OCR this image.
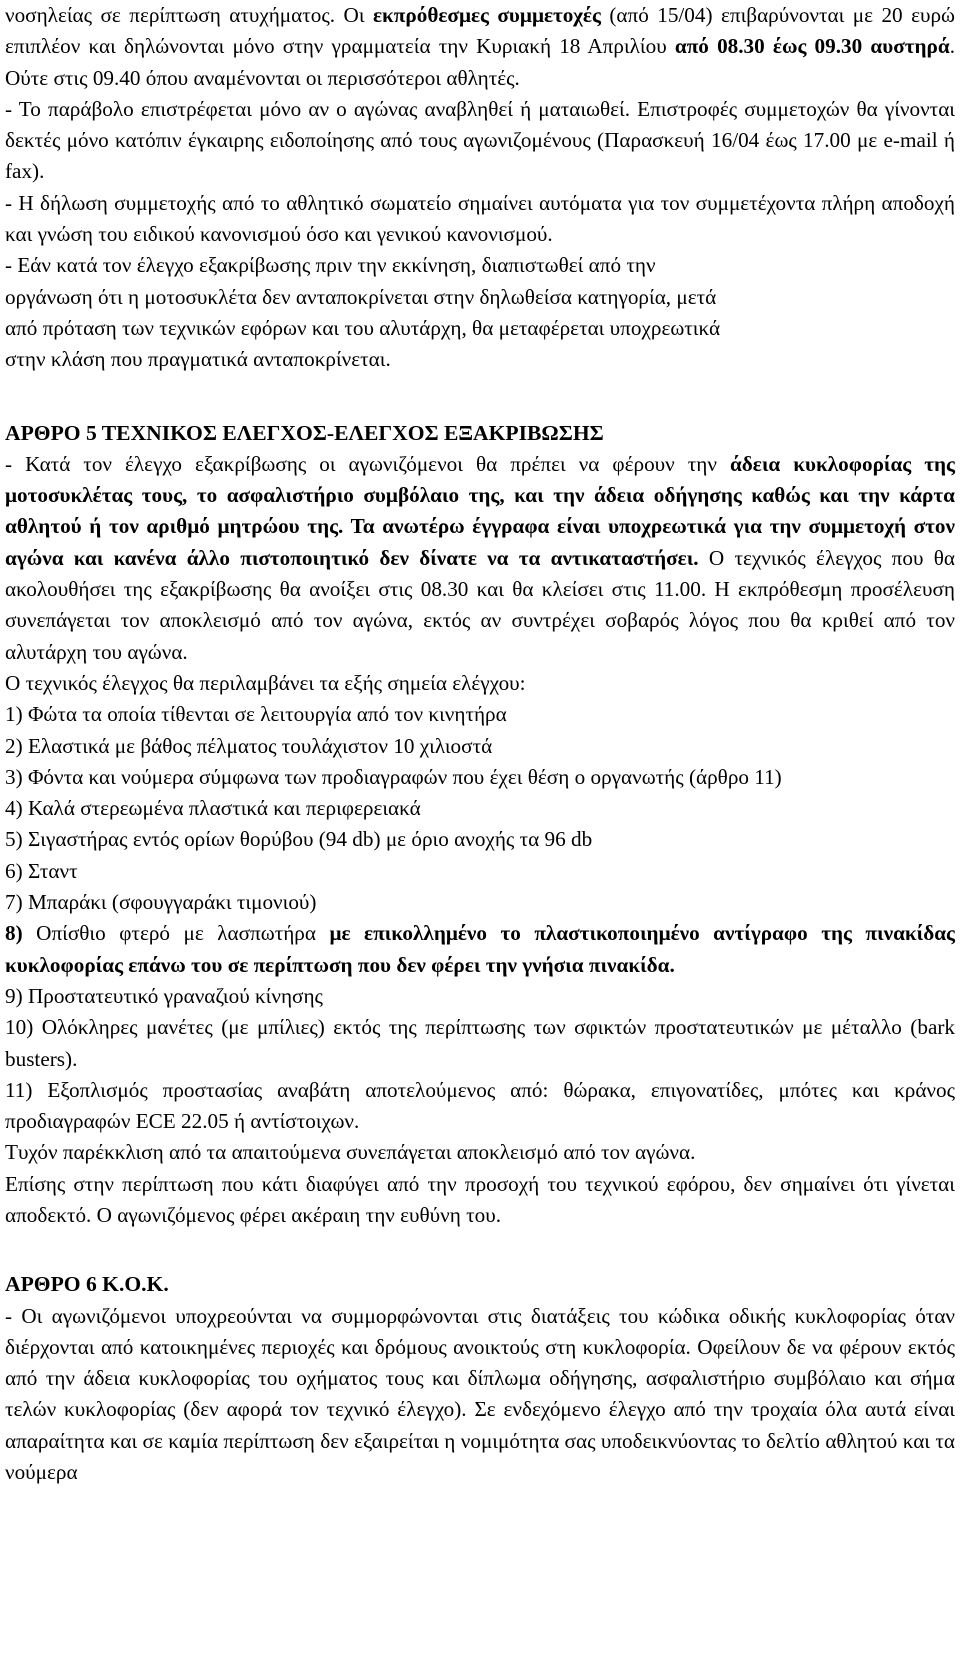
νοσηλείας σε περίπτωση ατυχήματος. Οι εκπρόθεσμες συμμετοχές (από 15/04) επιβαρύνονται με 20 ευρώ επιπλέον και δηλώνονται μόνο στην γραμματεία την Κυριακή 18 Απριλίου από 08.30 έως 09.30 αυστηρά. Ούτε στις 09.40 όπου αναμένονται οι περισσότεροι αθλητές.

- Το παράβολο επιστρέφεται μόνο αν ο αγώνας αναβληθεί ή ματαιωθεί. Επιστροφές συμμετοχών θα γίνονται δεκτές μόνο κατόπιν έγκαιρης ειδοποίησης από τους αγωνιζομένους (Παρασκευή 16/04 έως 17.00 με e-mail ή fax).

- Η δήλωση συμμετοχής από το αθλητικό σωματείο σημαίνει αυτόματα για τον συμμετέχοντα πλήρη αποδοχή και γνώση του ειδικού κανονισμού όσο και γενικού κανονισμού.

- Εάν κατά τον έλεγχο εξακρίβωσης πριν την εκκίνηση, διαπιστωθεί από την
οργάνωση ότι η μοτοσυκλέτα δεν ανταποκρίνεται στην δηλωθείσα κατηγορία, μετά
από πρόταση των τεχνικών εφόρων και του αλυτάρχη, θα μεταφέρεται υποχρεωτικά
στην κλάση που πραγματικά ανταποκρίνεται.

ΑΡΘΡΟ 5 ΤΕΧΝΙΚΟΣ ΕΛΕΓΧΟΣ-ΕΛΕΓΧΟΣ ΕΞΑΚΡΙΒΩΣΗΣ

- Κατά τον έλεγχο εξακρίβωσης οι αγωνιζόμενοι θα πρέπει να φέρουν την άδεια κυκλοφορίας της μοτοσυκλέτας τους, το ασφαλιστήριο συμβόλαιο της, και την άδεια οδήγησης καθώς και την κάρτα αθλητού ή τον αριθμό μητρώου της. Τα ανωτέρω έγγραφα είναι υποχρεωτικά για την συμμετοχή στον αγώνα και κανένα άλλο πιστοποιητικό δεν δίνατε να τα αντικαταστήσει. Ο τεχνικός έλεγχος που θα ακολουθήσει της εξακρίβωσης θα ανοίξει στις 08.30 και θα κλείσει στις 11.00. Η εκπρόθεσμη προσέλευση συνεπάγεται τον αποκλεισμό από τον αγώνα, εκτός αν συντρέχει σοβαρός λόγος που θα κριθεί από τον αλυτάρχη του αγώνα.

Ο τεχνικός έλεγχος θα περιλαμβάνει τα εξής σημεία ελέγχου:

1) Φώτα τα οποία τίθενται σε λειτουργία από τον κινητήρα

2) Ελαστικά με βάθος πέλματος τουλάχιστον 10 χιλιοστά

3) Φόντα και νούμερα σύμφωνα των προδιαγραφών που έχει θέση ο οργανωτής (άρθρο 11)

4) Καλά στερεωμένα πλαστικά και περιφερειακά

5) Σιγαστήρας εντός ορίων θορύβου (94 db) με όριο ανοχής τα 96 db

6) Σταντ

7) Μπαράκι (σφουγγαράκι τιμονιού)

8) Οπίσθιο φτερό με λασπωτήρα με επικολλημένο το πλαστικοποιημένο αντίγραφο της πινακίδας κυκλοφορίας επάνω του σε περίπτωση που δεν φέρει την γνήσια πινακίδα.

9) Προστατευτικό γραναζιού κίνησης

10) Ολόκληρες μανέτες (με μπίλιες) εκτός της περίπτωσης των σφικτών προστατευτικών με μέταλλο (bark busters).

11) Εξοπλισμός προστασίας αναβάτη αποτελούμενος από: θώρακα, επιγονατίδες, μπότες και κράνος προδιαγραφών ECE 22.05 ή αντίστοιχων.

Τυχόν παρέκκλιση από τα απαιτούμενα συνεπάγεται αποκλεισμό από τον αγώνα.

Επίσης στην περίπτωση που κάτι διαφύγει από την προσοχή του τεχνικού εφόρου, δεν σημαίνει ότι γίνεται αποδεκτό. Ο αγωνιζόμενος φέρει ακέραιη την ευθύνη του.

ΑΡΘΡΟ 6 Κ.Ο.Κ.

- Οι αγωνιζόμενοι υποχρεούνται να συμμορφώνονται στις διατάξεις του κώδικα οδικής κυκλοφορίας όταν διέρχονται από κατοικημένες περιοχές και δρόμους ανοικτούς στη κυκλοφορία. Οφείλουν δε να φέρουν εκτός από την άδεια κυκλοφορίας του οχήματος τους και δίπλωμα οδήγησης, ασφαλιστήριο συμβόλαιο και σήμα τελών κυκλοφορίας (δεν αφορά τον τεχνικό έλεγχο). Σε ενδεχόμενο έλεγχο από την τροχαία όλα αυτά είναι απαραίτητα και σε καμία περίπτωση δεν εξαιρείται η νομιμότητα σας υποδεικνύοντας το δελτίο αθλητού και τα νούμερα
